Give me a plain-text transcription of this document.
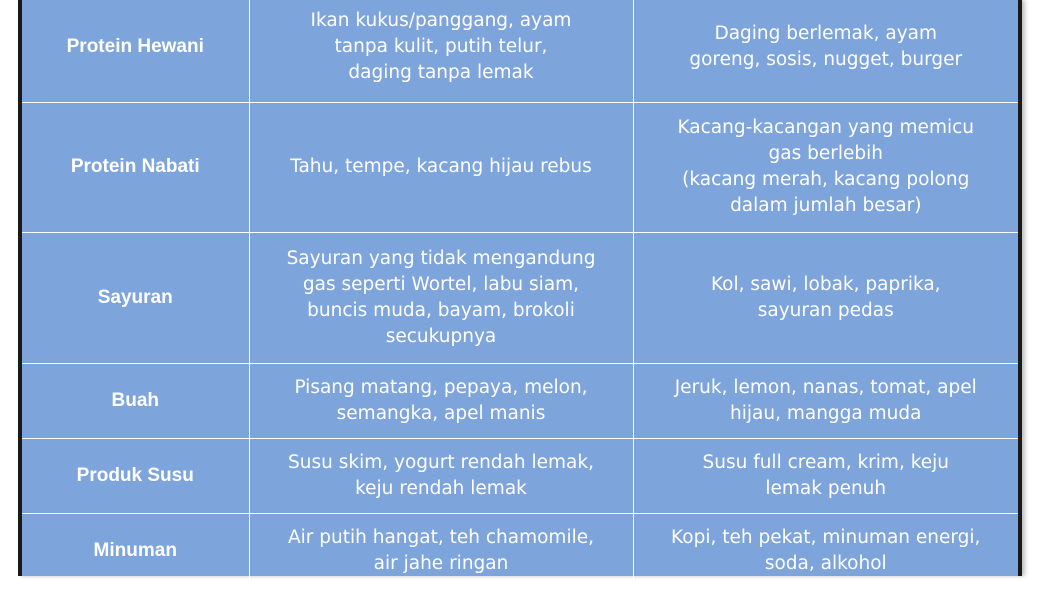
Protein Hewani	Ikan kukus/panggang, ayam
tanpa kulit, putih telur,
daging tanpa lemak	Daging berlemak, ayam
goreng, sosis, nugget, burger
Protein Nabati	Tahu, tempe, kacang hijau rebus	Kacang-kacangan yang memicu
gas berlebih
(kacang merah, kacang polong
dalam jumlah besar)
Sayuran	Sayuran yang tidak mengandung
gas seperti Wortel, labu siam,
buncis muda, bayam, brokoli
secukupnya	Kol, sawi, lobak, paprika,
sayuran pedas
Buah	Pisang matang, pepaya, melon,
semangka, apel manis	Jeruk, lemon, nanas, tomat, apel
hijau, mangga muda
Produk Susu	Susu skim, yogurt rendah lemak,
keju rendah lemak	Susu full cream, krim, keju
lemak penuh
Minuman	Air putih hangat, teh chamomile,
air jahe ringan	Kopi, teh pekat, minuman energi,
soda, alkohol
